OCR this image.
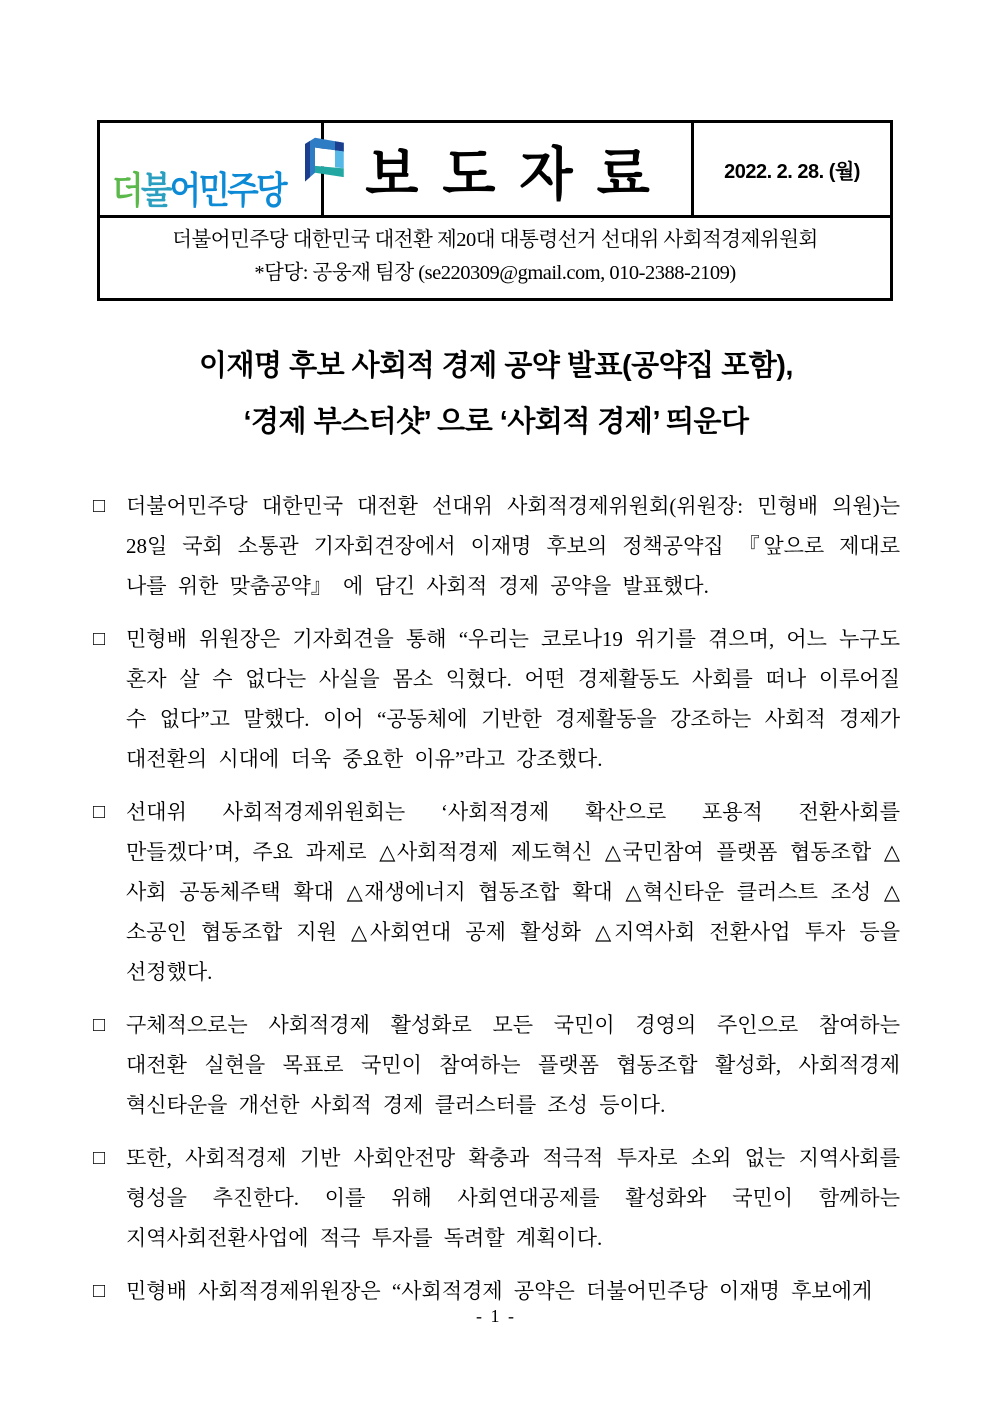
더불어민주당	보도자료	2022. 2. 28. (월)
더불어민주당 대한민국 대전환 제20대 대통령선거 선대위 사회적경제위원회
*담당: 공웅재 팀장 (se220309@gmail.com, 010-2388-2109)
이재명 후보 사회적 경제 공약 발표(공약집 포함),
‘경제 부스터샷’ 으로 ‘사회적 경제’ 띄운다
□ 더불어민주당 대한민국 대전환 선대위 사회적경제위원회(위원장: 민형배 의원)는 28일 국회 소통관 기자회견장에서 이재명 후보의 정책공약집 『앞으로 제대로 나를 위한 맞춤공약』 에 담긴 사회적 경제 공약을 발표했다.
□ 민형배 위원장은 기자회견을 통해 “우리는 코로나19 위기를 겪으며, 어느 누구도 혼자 살 수 없다는 사실을 몸소 익혔다. 어떤 경제활동도 사회를 떠나 이루어질 수 없다”고 말했다. 이어 “공동체에 기반한 경제활동을 강조하는 사회적 경제가 대전환의 시대에 더욱 중요한 이유”라고 강조했다.
□ 선대위 사회적경제위원회는 ‘사회적경제 확산으로 포용적 전환사회를 만들겠다’며, 주요 과제로 △사회적경제 제도혁신 △국민참여 플랫폼 협동조합 △사회 공동체주택 확대 △재생에너지 협동조합 확대 △혁신타운 클러스트 조성 △소공인 협동조합 지원 △사회연대 공제 활성화 △지역사회 전환사업 투자 등을 선정했다.
□ 구체적으로는 사회적경제 활성화로 모든 국민이 경영의 주인으로 참여하는 대전환 실현을 목표로 국민이 참여하는 플랫폼 협동조합 활성화, 사회적경제 혁신타운을 개선한 사회적 경제 클러스터를 조성 등이다.
□ 또한, 사회적경제 기반 사회안전망 확충과 적극적 투자로 소외 없는 지역사회를 형성을 추진한다. 이를 위해 사회연대공제를 활성화와 국민이 함께하는 지역사회전환사업에 적극 투자를 독려할 계획이다.
□ 민형배 사회적경제위원장은 “사회적경제 공약은 더불어민주당 이재명 후보에게
- 1 -
